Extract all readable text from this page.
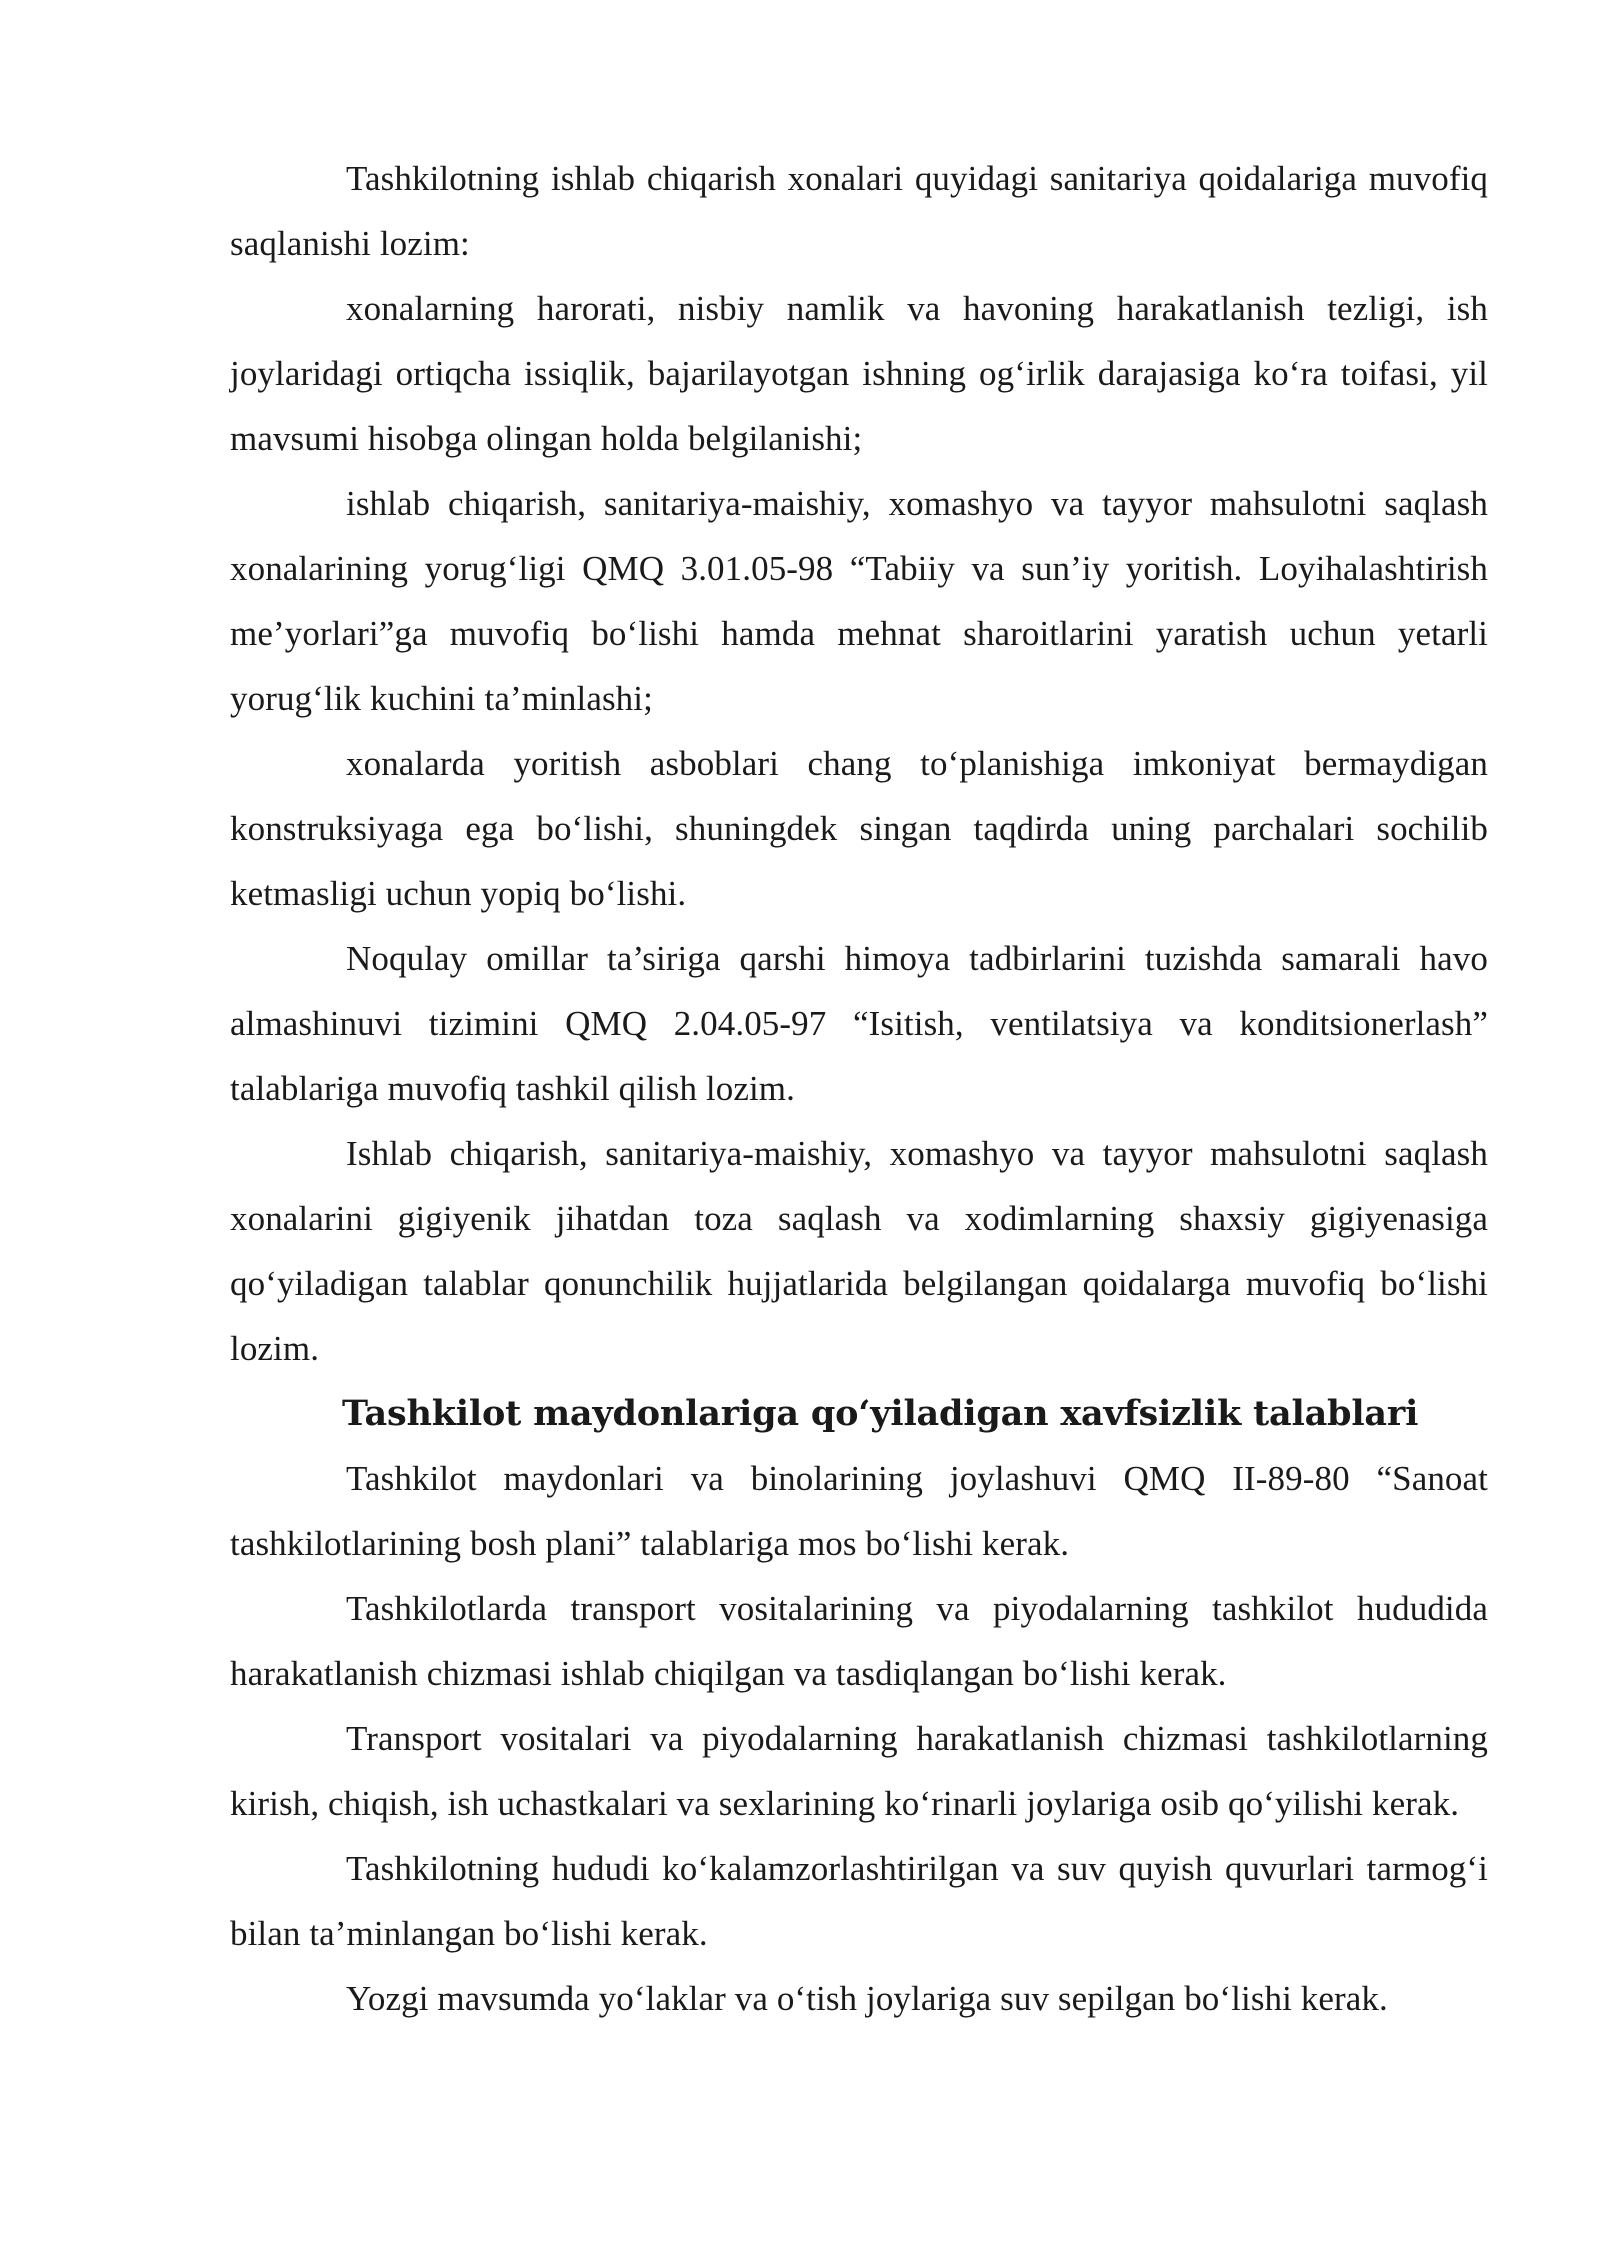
Tashkilotning ishlab chiqarish xonalari quyidagi sanitariya qoidalariga muvofiq saqlanishi lozim:

xonalarning harorati, nisbiy namlik va havoning harakatlanish tezligi, ish joylaridagi ortiqcha issiqlik, bajarilayotgan ishning og‘irlik darajasiga ko‘ra toifasi, yil mavsumi hisobga olingan holda belgilanishi;

ishlab chiqarish, sanitariya-maishiy, xomashyo va tayyor mahsulotni saqlash xonalarining yorug‘ligi QMQ 3.01.05-98 “Tabiiy va sun’iy yoritish. Loyihalashtirish me’yorlari”ga muvofiq bo‘lishi hamda mehnat sharoitlarini yaratish uchun yetarli yorug‘lik kuchini ta’minlashi;

xonalarda yoritish asboblari chang to‘planishiga imkoniyat bermaydigan konstruksiyaga ega bo‘lishi, shuningdek singan taqdirda uning parchalari sochilib ketmasligi uchun yopiq bo‘lishi.

Noqulay omillar ta’siriga qarshi himoya tadbirlarini tuzishda samarali havo almashinuvi tizimini QMQ 2.04.05-97 “Isitish, ventilatsiya va konditsionerlash” talablariga muvofiq tashkil qilish lozim.

Ishlab chiqarish, sanitariya-maishiy, xomashyo va tayyor mahsulotni saqlash xonalarini gigiyenik jihatdan toza saqlash va xodimlarning shaxsiy gigiyenasiga qo‘yiladigan talablar qonunchilik hujjatlarida belgilangan qoidalarga muvofiq bo‘lishi lozim.

Tashkilot maydonlariga qo‘yiladigan xavfsizlik talablari

Tashkilot maydonlari va binolarining joylashuvi QMQ II-89-80 “Sanoat tashkilotlarining bosh plani” talablariga mos bo‘lishi kerak.

Tashkilotlarda transport vositalarining va piyodalarning tashkilot hududida harakatlanish chizmasi ishlab chiqilgan va tasdiqlangan bo‘lishi kerak.

Transport vositalari va piyodalarning harakatlanish chizmasi tashkilotlarning kirish, chiqish, ish uchastkalari va sexlarining ko‘rinarli joylariga osib qo‘yilishi kerak.

Tashkilotning hududi ko‘kalamzorlashtirilgan va suv quyish quvurlari tarmog‘i bilan ta’minlangan bo‘lishi kerak.

Yozgi mavsumda yo‘laklar va o‘tish joylariga suv sepilgan bo‘lishi kerak.
